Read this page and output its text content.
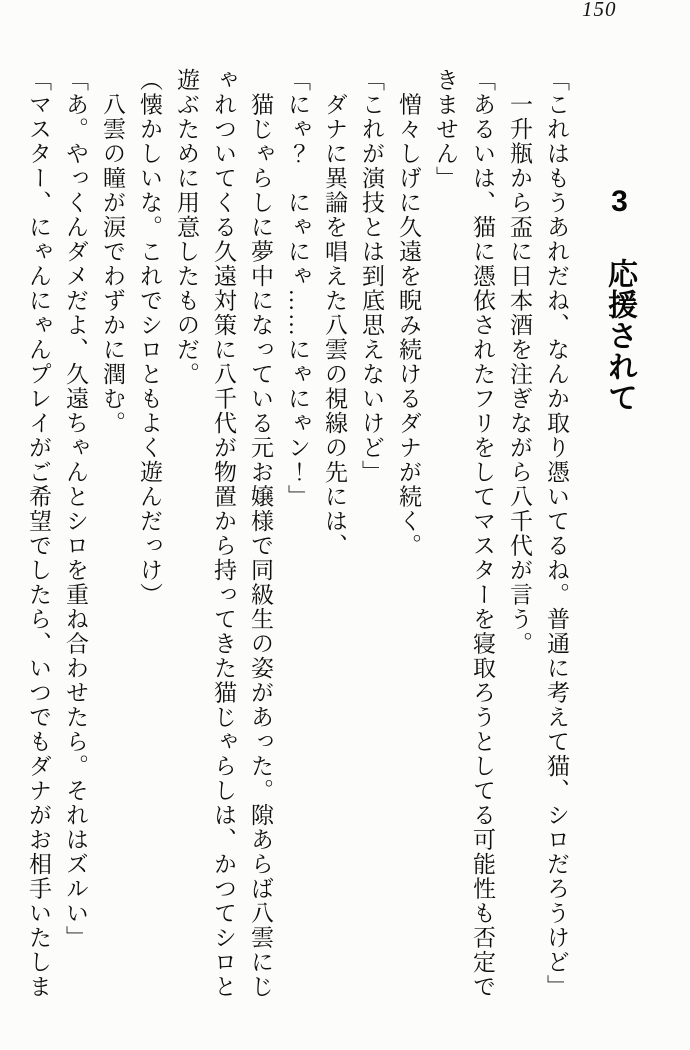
150
3 応援されて

「これはもうあれだね、なんか取り憑いてるね。普通に考えて猫、シロだろうけど」

　一升瓶から盃に日本酒を注ぎながら八千代が言う。

「あるいは、猫に憑依されたフリをしてマスターを寝取ろうとしてる可能性も否定できません」

　憎々しげに久遠を睨み続けるダナが続く。

「これが演技とは到底思えないけど」

　ダナに異論を唱えた八雲の視線の先には、

「にゃ？　にゃにゃ……にゃにゃン！」

　猫じゃらしに夢中になっている元お嬢様で同級生の姿があった。隙あらば八雲にじゃれついてくる久遠対策に八千代が物置から持ってきた猫じゃらしは、かつてシロと遊ぶために用意したものだ。

（懐かしいな。これでシロともよく遊んだっけ）

　八雲の瞳が涙でわずかに潤む。

「あ。やっくんダメだよ、久遠ちゃんとシロを重ね合わせたら。それはズルい」

「マスター、にゃんにゃんプレイがご希望でしたら、いつでもダナがお相手いたしま
